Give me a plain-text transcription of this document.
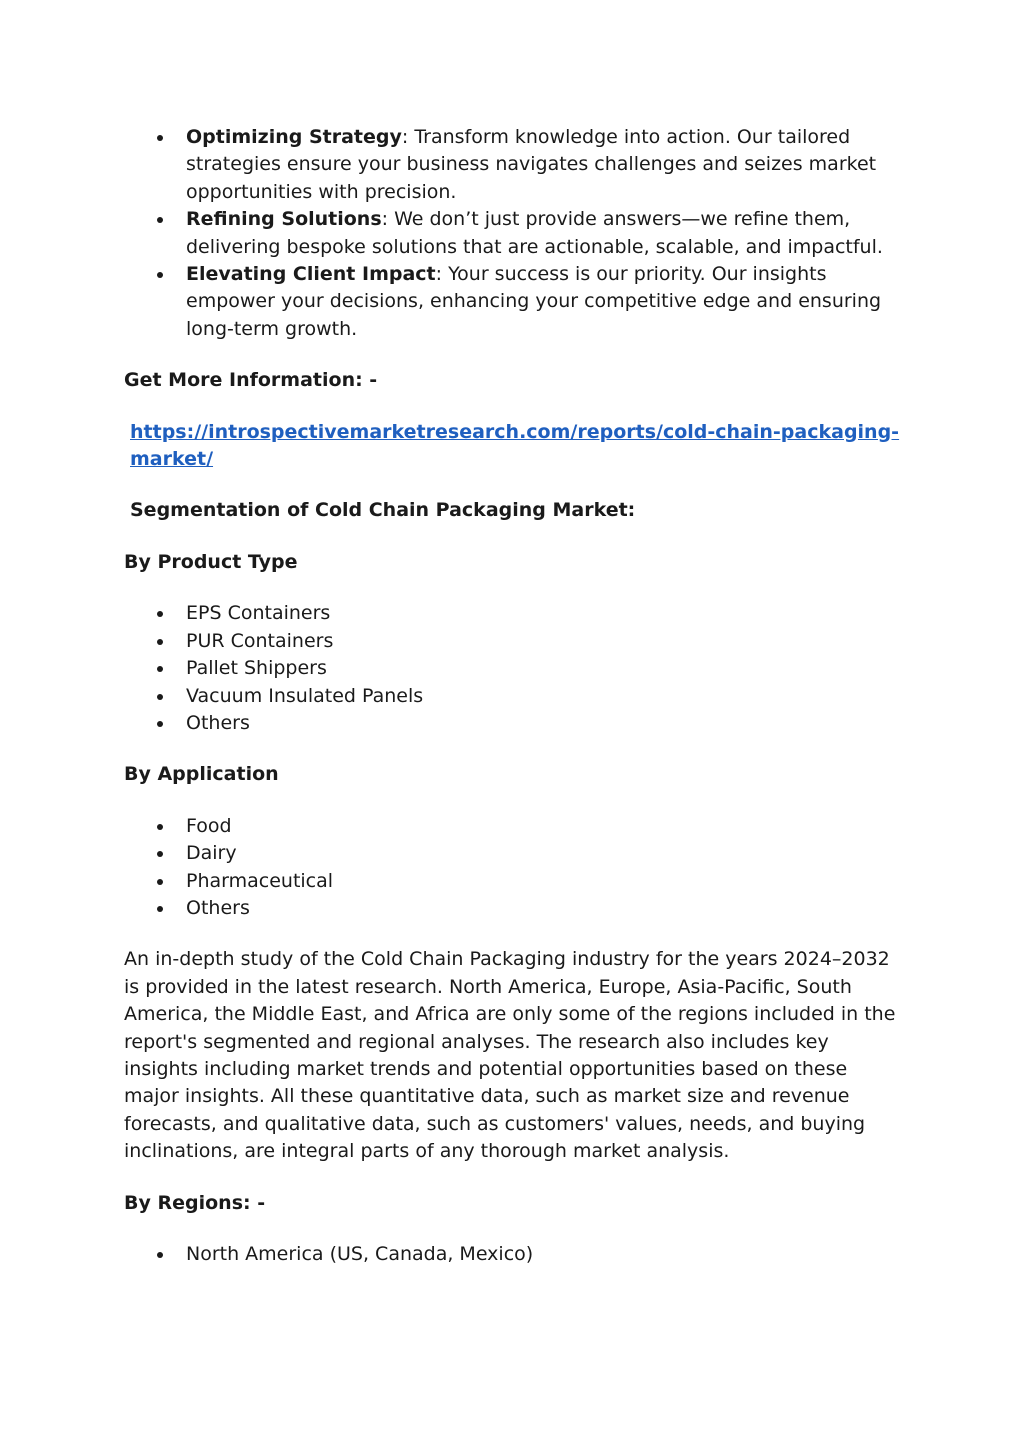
Optimizing Strategy: Transform knowledge into action. Our tailored strategies ensure your business navigates challenges and seizes market opportunities with precision.
Refining Solutions: We don’t just provide answers—we refine them, delivering bespoke solutions that are actionable, scalable, and impactful.
Elevating Client Impact: Your success is our priority. Our insights empower your decisions, enhancing your competitive edge and ensuring long-term growth.

Get More Information: -

https://introspectivemarketresearch.com/reports/cold-chain-packaging-market/

Segmentation of Cold Chain Packaging Market:

By Product Type

EPS Containers
PUR Containers
Pallet Shippers
Vacuum Insulated Panels
Others

By Application

Food
Dairy
Pharmaceutical
Others

An in-depth study of the Cold Chain Packaging industry for the years 2024–2032 is provided in the latest research. North America, Europe, Asia-Pacific, South America, the Middle East, and Africa are only some of the regions included in the report's segmented and regional analyses. The research also includes key insights including market trends and potential opportunities based on these major insights. All these quantitative data, such as market size and revenue forecasts, and qualitative data, such as customers' values, needs, and buying inclinations, are integral parts of any thorough market analysis.

By Regions: -

North America (US, Canada, Mexico)
